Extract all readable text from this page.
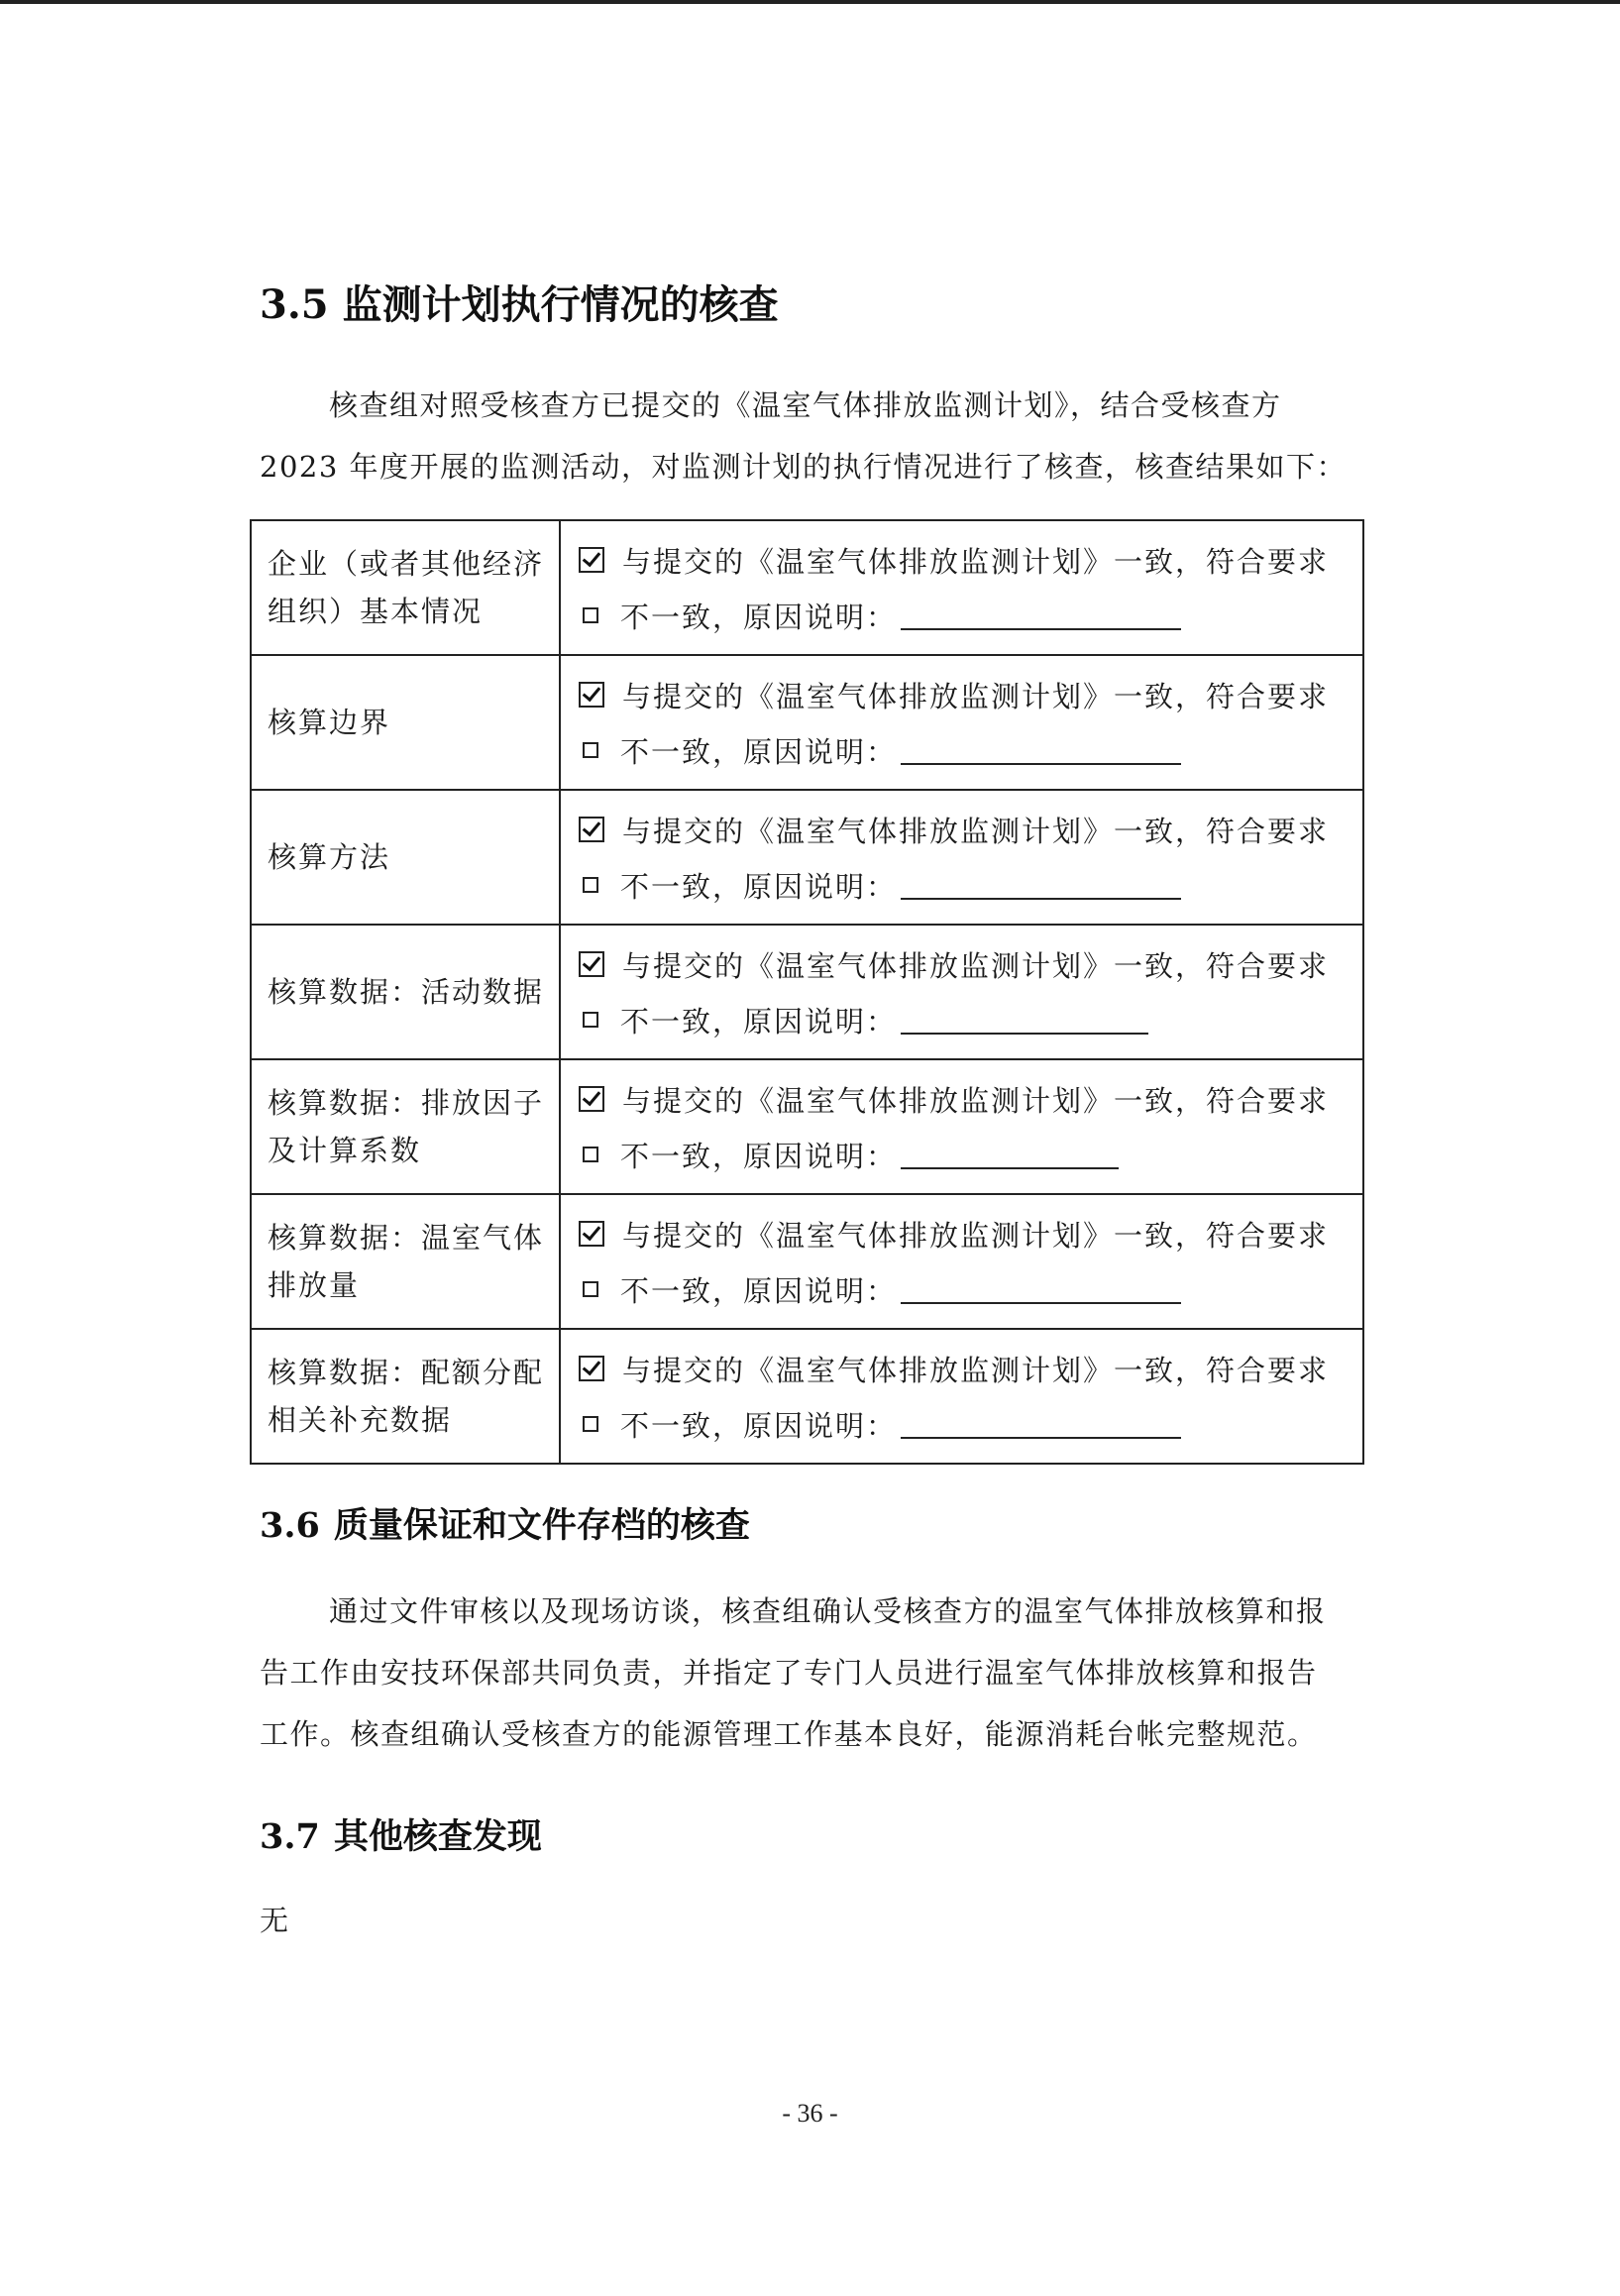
3.5 监测计划执行情况的核查
核查组对照受核查方已提交的《温室气体排放监测计划》，结合受核查方
2023 年度开展的监测活动，对监测计划的执行情况进行了核查，核查结果如下：
企业（或者其他经济组织）基本情况	与提交的《温室气体排放监测计划》一致，符合要求
不一致，原因说明：

核算边界	与提交的《温室气体排放监测计划》一致，符合要求
不一致，原因说明：

核算方法	与提交的《温室气体排放监测计划》一致，符合要求
不一致，原因说明：

核算数据：活动数据	与提交的《温室气体排放监测计划》一致，符合要求
不一致，原因说明：

核算数据：排放因子及计算系数	与提交的《温室气体排放监测计划》一致，符合要求
不一致，原因说明：

核算数据：温室气体排放量	与提交的《温室气体排放监测计划》一致，符合要求
不一致，原因说明：

核算数据：配额分配相关补充数据	与提交的《温室气体排放监测计划》一致，符合要求
不一致，原因说明：
3.6 质量保证和文件存档的核查
通过文件审核以及现场访谈，核查组确认受核查方的温室气体排放核算和报
告工作由安技环保部共同负责，并指定了专门人员进行温室气体排放核算和报告
工作。核查组确认受核查方的能源管理工作基本良好，能源消耗台帐完整规范。
3.7 其他核查发现
无
- 36 -
